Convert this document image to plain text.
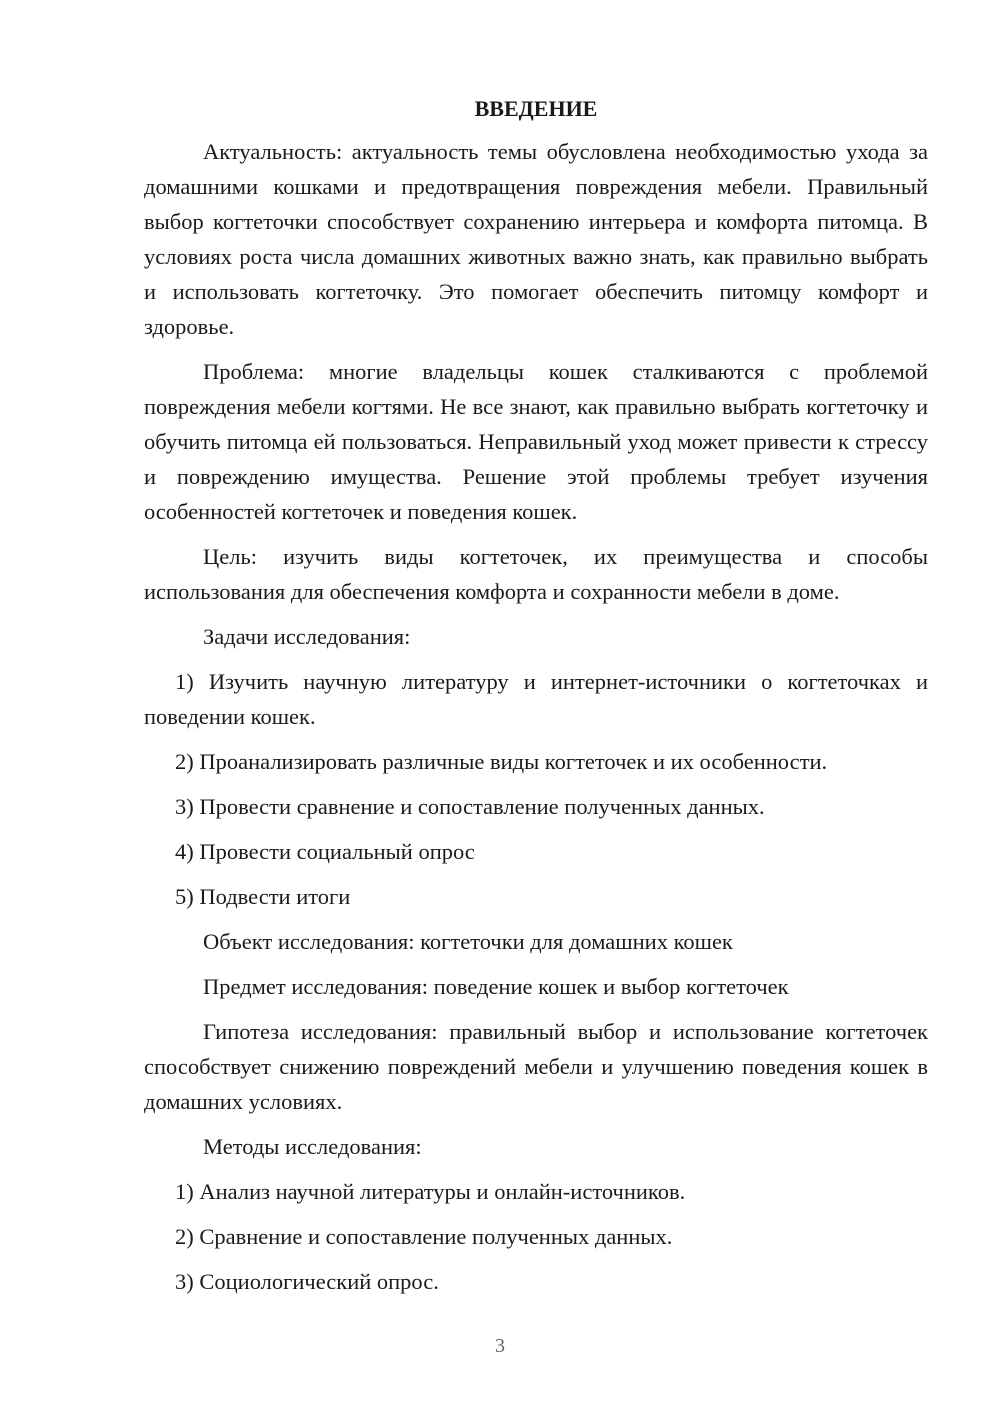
ВВЕДЕНИЕ

Актуальность: актуальность темы обусловлена необходимостью ухода за домашними кошками и предотвращения повреждения мебели. Правильный выбор когтеточки способствует сохранению интерьера и комфорта питомца. В условиях роста числа домашних животных важно знать, как правильно выбрать и использовать когтеточку. Это помогает обеспечить питомцу комфорт и здоровье.

Проблема: многие владельцы кошек сталкиваются с проблемой повреждения мебели когтями. Не все знают, как правильно выбрать когтеточку и обучить питомца ей пользоваться. Неправильный уход может привести к стрессу и повреждению имущества. Решение этой проблемы требует изучения особенностей когтеточек и поведения кошек.

Цель: изучить виды когтеточек, их преимущества и способы использования для обеспечения комфорта и сохранности мебели в доме.

Задачи исследования:

1) Изучить научную литературу и интернет-источники о когтеточках и поведении кошек.

2) Проанализировать различные виды когтеточек и их особенности.

3) Провести сравнение и сопоставление полученных данных.

4) Провести социальный опрос

5) Подвести итоги

Объект исследования: когтеточки для домашних кошек

Предмет исследования: поведение кошек и выбор когтеточек

Гипотеза исследования: правильный выбор и использование когтеточек способствует снижению повреждений мебели и улучшению поведения кошек в домашних условиях.

Методы исследования:

1) Анализ научной литературы и онлайн-источников.

2) Сравнение и сопоставление полученных данных.

3) Социологический опрос.

3
